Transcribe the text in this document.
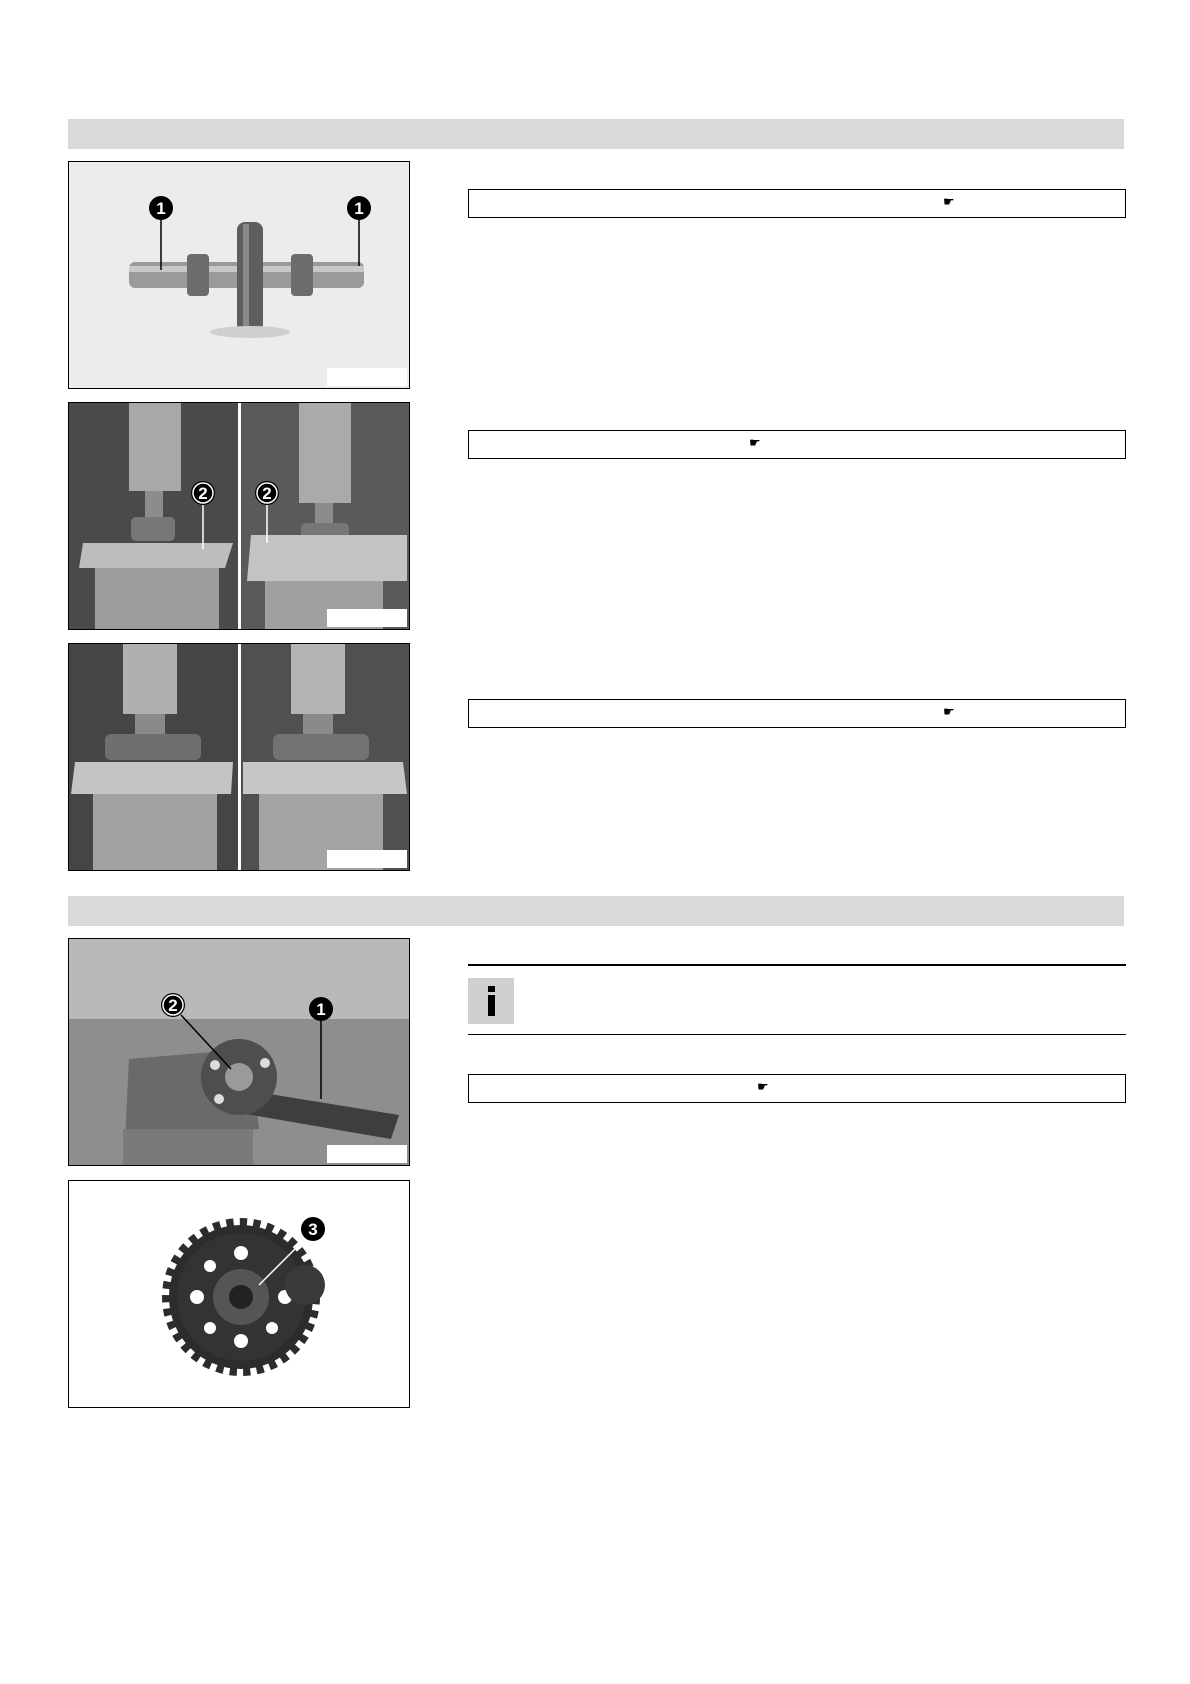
1	1
2	2
2	1
3
☛
☛
☛
☛
